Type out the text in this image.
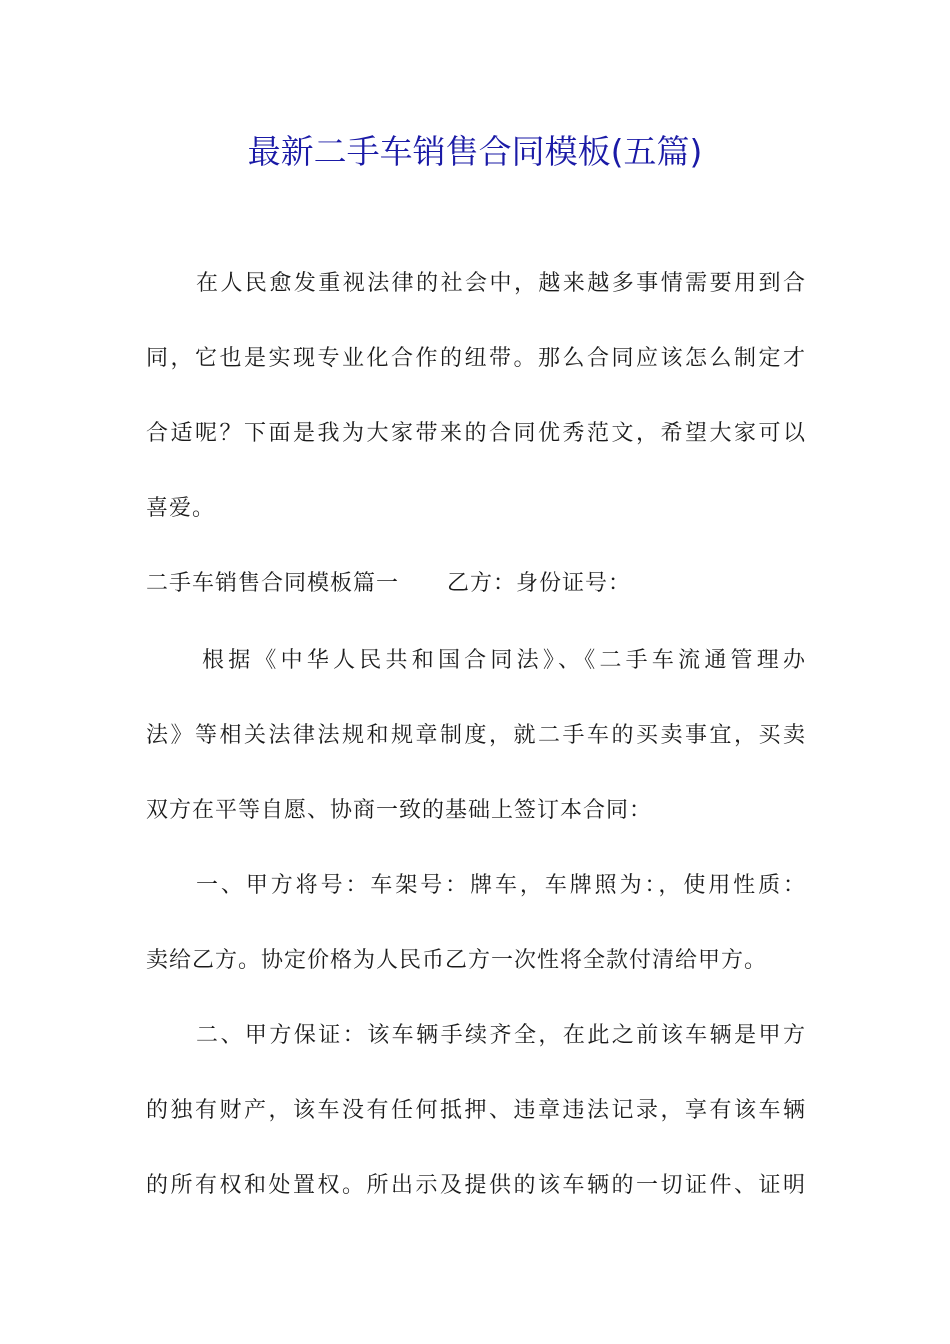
最新二手车销售合同模板(五篇)
在人民愈发重视法律的社会中，越来越多事情需要用到合
同，它也是实现专业化合作的纽带。那么合同应该怎么制定才
合适呢？下面是我为大家带来的合同优秀范文，希望大家可以
喜爱。
二手车销售合同模板篇一 乙方：身份证号：
根据《中华人民共和国合同法》、《二手车流通管理办
法》等相关法律法规和规章制度，就二手车的买卖事宜，买卖
双方在平等自愿、协商一致的基础上签订本合同：
一、甲方将号：车架号：牌车，车牌照为：，使用性质：
卖给乙方。协定价格为人民币乙方一次性将全款付清给甲方。
二、甲方保证：该车辆手续齐全，在此之前该车辆是甲方
的独有财产，该车没有任何抵押、违章违法记录，享有该车辆
的所有权和处置权。所出示及提供的该车辆的一切证件、证明
